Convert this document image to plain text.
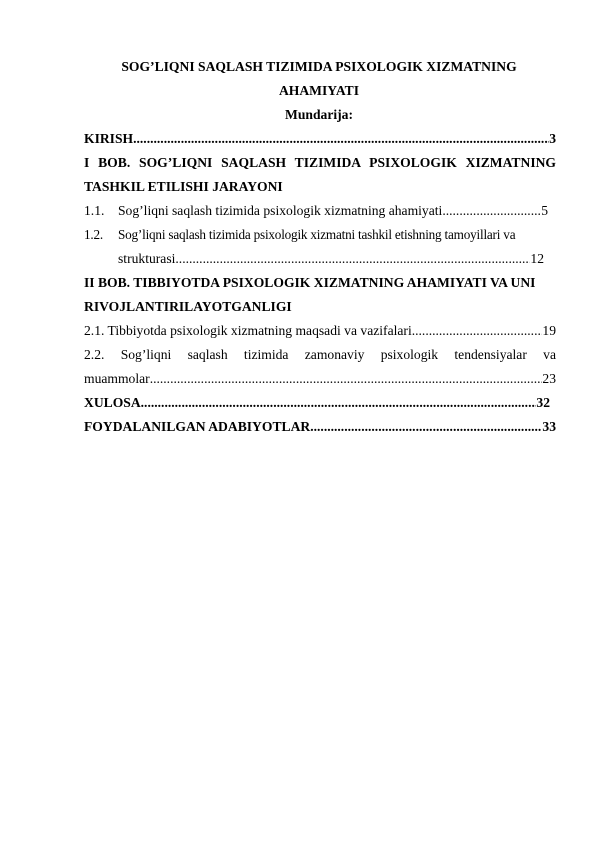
SOG’LIQNI SAQLASH TIZIMIDA PSIXOLOGIK XIZMATNING
AHAMIYATI
Mundarija:
KIRISH .....	3
I BOB. SOG’LIQNI SAQLASH TIZIMIDA PSIXOLOGIK XIZMATNING
TASHKIL ETILISHI JARAYONI
1.1.	Sog’liqni saqlash tizimida psixologik xizmatning ahamiyati .....	5
1.2. Sog’liqni saqlash tizimida psixologik xizmatni tashkil etishning tamoyillari va
strukturasi .....	12
II BOB. TIBBIYOTDA PSIXOLOGIK XIZMATNING AHAMIYATI VA UNI
RIVOJLANTIRILAYOTGANLIGI
2.1. Tibbiyotda psixologik xizmatning maqsadi va vazifalari .....	19
2.2. Sog’liqni saqlash tizimida zamonaviy psixologik tendensiyalar va
muammolar .....	23
XULOSA .....	32
FOYDALANILGAN ADABIYOTLAR .....	33
